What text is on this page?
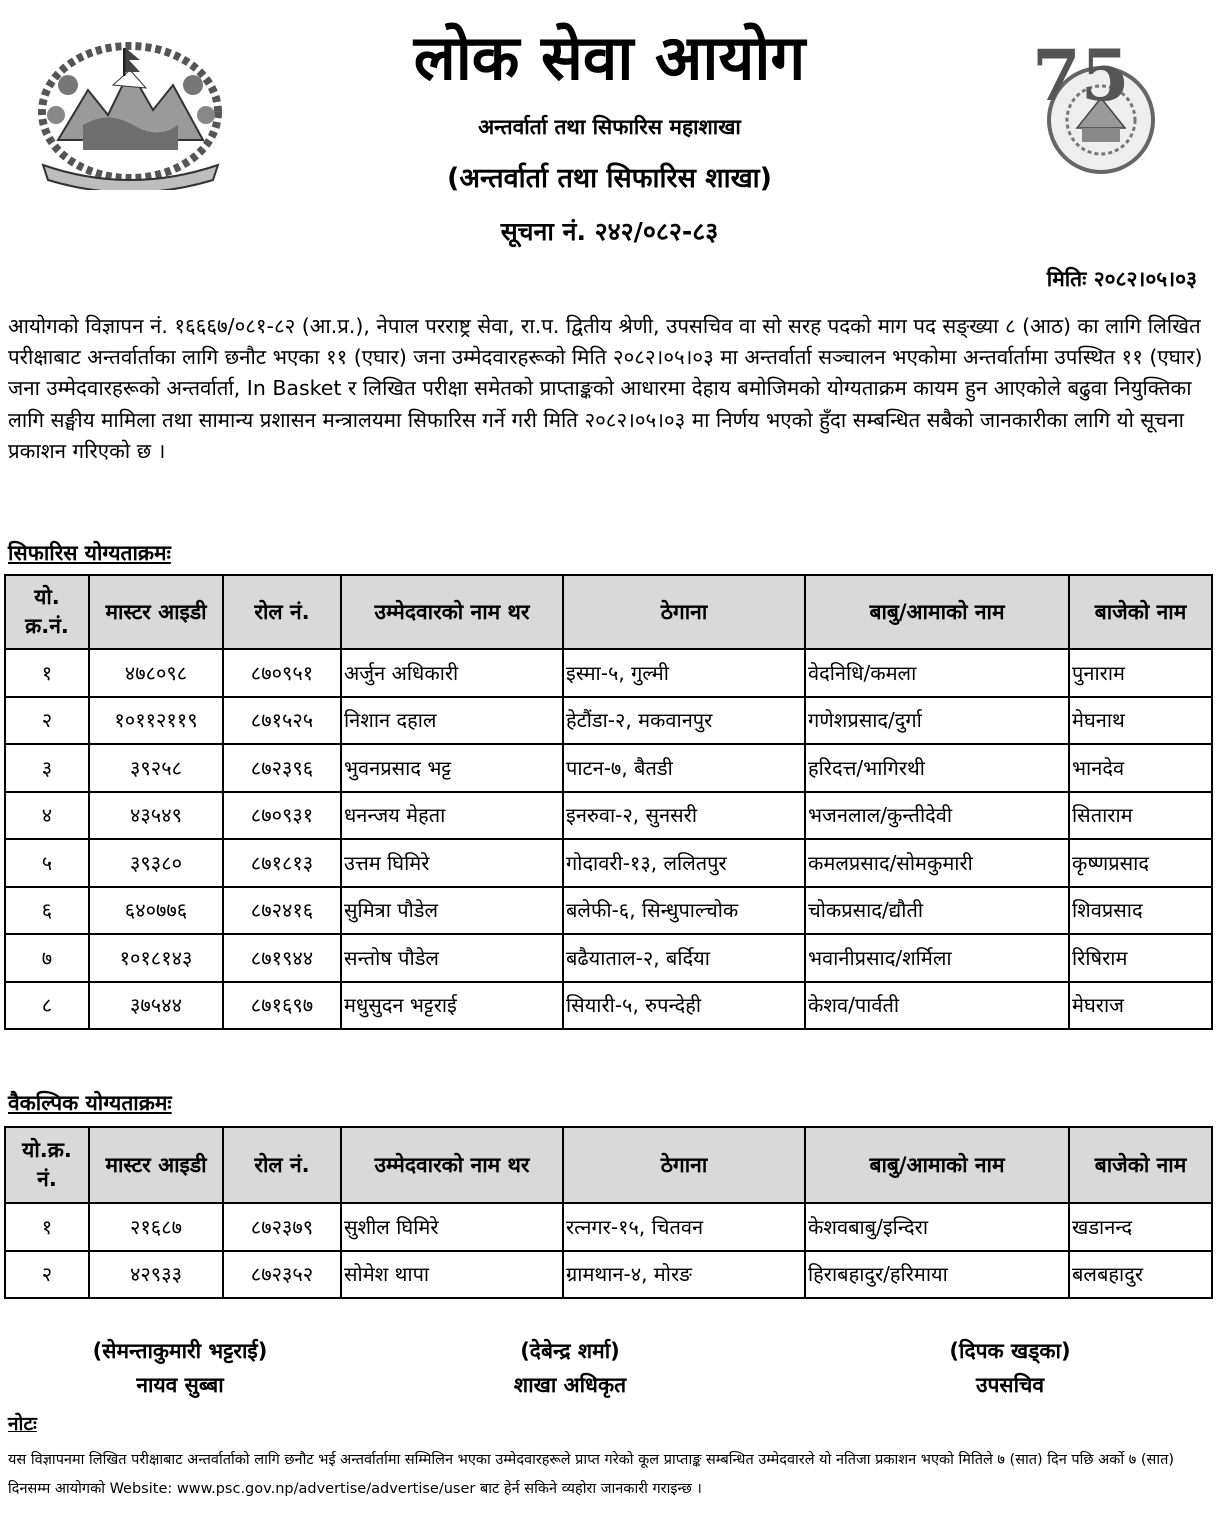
75
लोक सेवा आयोग
अन्तर्वार्ता तथा सिफारिस महाशाखा
(अन्तर्वार्ता तथा सिफारिस शाखा)
सूचना नं. २४२/०८२-८३
मितिः २०८२।०५।०३
आयोगको विज्ञापन नं. १६६६७/०८१-८२ (आ.प्र.), नेपाल परराष्ट्र सेवा, रा.प. द्वितीय श्रेणी, उपसचिव वा सो सरह पदको माग पद सङ्ख्या ८ (आठ) का लागि लिखित परीक्षाबाट अन्तर्वार्ताका लागि छनौट भएका ११ (एघार) जना उम्मेदवारहरूको मिति २०८२।०५।०३ मा अन्तर्वार्ता सञ्चालन भएकोमा अन्तर्वार्तामा उपस्थित ११ (एघार) जना उम्मेदवारहरूको अन्तर्वार्ता, In Basket र लिखित परीक्षा समेतको प्राप्ताङ्कको आधारमा देहाय बमोजिमको योग्यताक्रम कायम हुन आएकोले बढुवा नियुक्तिका लागि सङ्घीय मामिला तथा सामान्य प्रशासन मन्त्रालयमा सिफारिस गर्ने गरी मिति २०८२।०५।०३ मा निर्णय भएको हुँदा सम्बन्धित सबैको जानकारीका लागि यो सूचना प्रकाशन गरिएको छ ।
सिफारिस योग्यताक्रमः
यो. क्र.नं.	मास्टर आइडी	रोल नं.	उम्मेदवारको नाम थर	ठेगाना	बाबु/आमाको नाम	बाजेको नाम
१	४७८०९८	८७०९५१	अर्जुन अधिकारी	इस्मा-५, गुल्मी	वेदनिधि/कमला	पुनाराम
२	१०११२११९	८७१५२५	निशान दहाल	हेटौंडा-२, मकवानपुर	गणेशप्रसाद/दुर्गा	मेघनाथ
३	३९२५८	८७२३९६	भुवनप्रसाद भट्ट	पाटन-७, बैतडी	हरिदत्त/भागिरथी	भानदेव
४	४३५४९	८७०९३१	धनन्जय मेहता	इनरुवा-२, सुनसरी	भजनलाल/कुन्तीदेवी	सिताराम
५	३९३८०	८७१८१३	उत्तम घिमिरे	गोदावरी-१३, ललितपुर	कमलप्रसाद/सोमकुमारी	कृष्णप्रसाद
६	६४०७७६	८७२४१६	सुमित्रा पौडेल	बलेफी-६, सिन्धुपाल्चोक	चोकप्रसाद/द्यौती	शिवप्रसाद
७	१०१८१४३	८७१९४४	सन्तोष पौडेल	बढैयाताल-२, बर्दिया	भवानीप्रसाद/शर्मिला	रिषिराम
८	३७५४४	८७१६९७	मधुसुदन भट्टराई	सियारी-५, रुपन्देही	केशव/पार्वती	मेघराज
वैकल्पिक योग्यताक्रमः
यो.क्र. नं.	मास्टर आइडी	रोल नं.	उम्मेदवारको नाम थर	ठेगाना	बाबु/आमाको नाम	बाजेको नाम
१	२१६८७	८७२३७९	सुशील घिमिरे	रत्नगर-१५, चितवन	केशवबाबु/इन्दिरा	खडानन्द
२	४२९३३	८७२३५२	सोमेश थापा	ग्रामथान-४, मोरङ	हिराबहादुर/हरिमाया	बलबहादुर
(सेमन्ताकुमारी भट्टराई)
नायव सुब्बा
(देबेन्द्र शर्मा)
शाखा अधिकृत
(दिपक खड्का)
उपसचिव
नोटः
यस विज्ञापनमा लिखित परीक्षाबाट अन्तर्वार्ताको लागि छनौट भई अन्तर्वार्तामा सम्मिलिन भएका उम्मेदवारहरूले प्राप्त गरेको कूल प्राप्ताङ्क सम्बन्धित उम्मेदवारले यो नतिजा प्रकाशन भएको मितिले ७ (सात) दिन पछि अर्को ७ (सात) दिनसम्म आयोगको Website: www.psc.gov.np/advertise/advertise/user बाट हेर्न सकिने व्यहोरा जानकारी गराइन्छ ।
